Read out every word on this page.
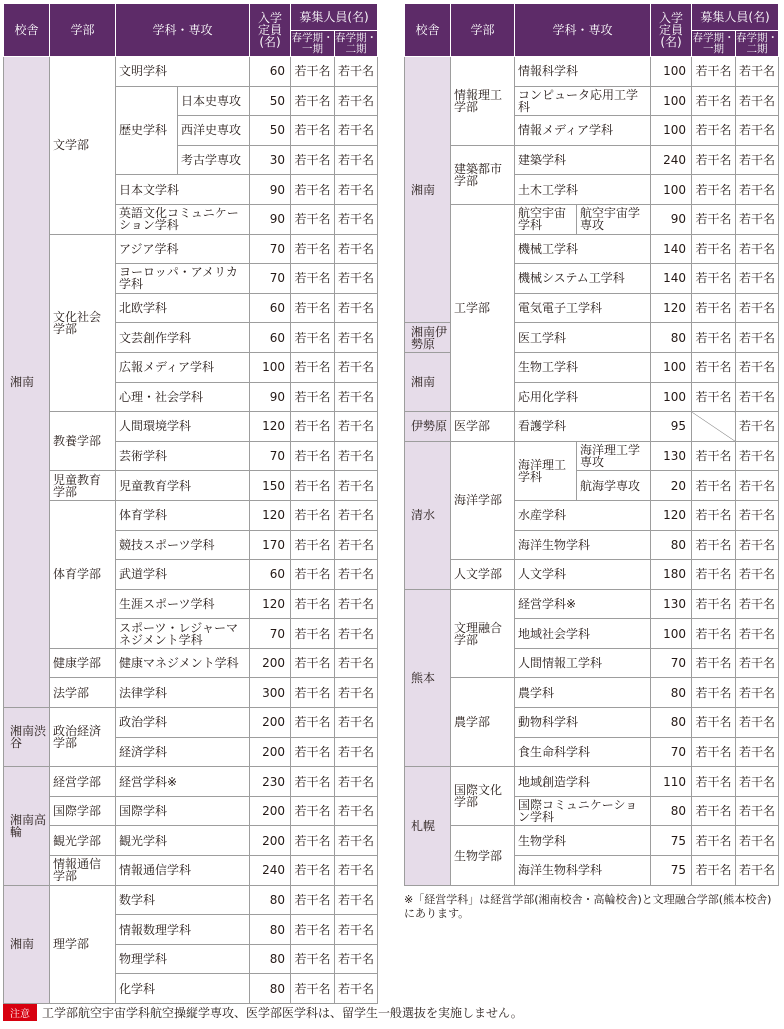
校舎	学部	学科・専攻		入学
定員
(名)	募集人員(名)	
					春学期・一期	春学期・二期
湘南	文学部	文明学科		60	若干名	若干名
		歴史学科	日本史専攻	50	若干名	若干名
			西洋史専攻	50	若干名	若干名
			考古学専攻	30	若干名	若干名
		日本文学科		90	若干名	若干名
		英語文化コミュニケーション学科		90	若干名	若干名
	文化社会学部	アジア学科		70	若干名	若干名
		ヨーロッパ・アメリカ学科		70	若干名	若干名
		北欧学科		60	若干名	若干名
		文芸創作学科		60	若干名	若干名
		広報メディア学科		100	若干名	若干名
		心理・社会学科		90	若干名	若干名
	教養学部	人間環境学科		120	若干名	若干名
		芸術学科		70	若干名	若干名
	児童教育学部	児童教育学科		150	若干名	若干名
	体育学部	体育学科		120	若干名	若干名
		競技スポーツ学科		170	若干名	若干名
		武道学科		60	若干名	若干名
		生涯スポーツ学科		120	若干名	若干名
		スポーツ・レジャーマネジメント学科		70	若干名	若干名
	健康学部	健康マネジメント学科		200	若干名	若干名
	法学部	法律学科		300	若干名	若干名
湘南渋谷	政治経済学部	政治学科		200	若干名	若干名
		経済学科		200	若干名	若干名
湘南高輪	経営学部	経営学科※		230	若干名	若干名
	国際学部	国際学科		200	若干名	若干名
	観光学部	観光学科		200	若干名	若干名
	情報通信学部	情報通信学科		240	若干名	若干名
湘南	理学部	数学科		80	若干名	若干名
		情報数理学科		80	若干名	若干名
		物理学科		80	若干名	若干名
		化学科		80	若干名	若干名
校舎	学部	学科・専攻		入学
定員
(名)	募集人員(名)	
					春学期・一期	春学期・二期
湘南	情報理工学部	情報科学科		100	若干名	若干名
		コンピュータ応用工学科		100	若干名	若干名
		情報メディア学科		100	若干名	若干名
	建築都市学部	建築学科		240	若干名	若干名
		土木工学科		100	若干名	若干名
	工学部	航空宇宙学科	航空宇宙学専攻	90	若干名	若干名
		機械工学科		140	若干名	若干名
		機械システム工学科		140	若干名	若干名
		電気電子工学科		120	若干名	若干名
湘南伊勢原		医工学科		80	若干名	若干名
湘南		生物工学科		100	若干名	若干名
		応用化学科		100	若干名	若干名
伊勢原	医学部	看護学科		95		若干名
清水	海洋学部	海洋理工学科	海洋理工学専攻	130	若干名	若干名
			航海学専攻	20	若干名	若干名
		水産学科		120	若干名	若干名
		海洋生物学科		80	若干名	若干名
	人文学部	人文学科		180	若干名	若干名
熊本	文理融合学部	経営学科※		130	若干名	若干名
		地域社会学科		100	若干名	若干名
		人間情報工学科		70	若干名	若干名
	農学部	農学科		80	若干名	若干名
		動物科学科		80	若干名	若干名
		食生命科学科		70	若干名	若干名
札幌	国際文化学部	地域創造学科		110	若干名	若干名
		国際コミュニケーション学科		80	若干名	若干名
	生物学部	生物学科		75	若干名	若干名
		海洋生物科学科		75	若干名	若干名
※「経営学科」は経営学部(湘南校舎・高輪校舎)と文理融合学部(熊本校舎)にあります。
注意	工学部航空宇宙学科航空操縦学専攻、医学部医学科は、留学生一般選抜を実施しません。
